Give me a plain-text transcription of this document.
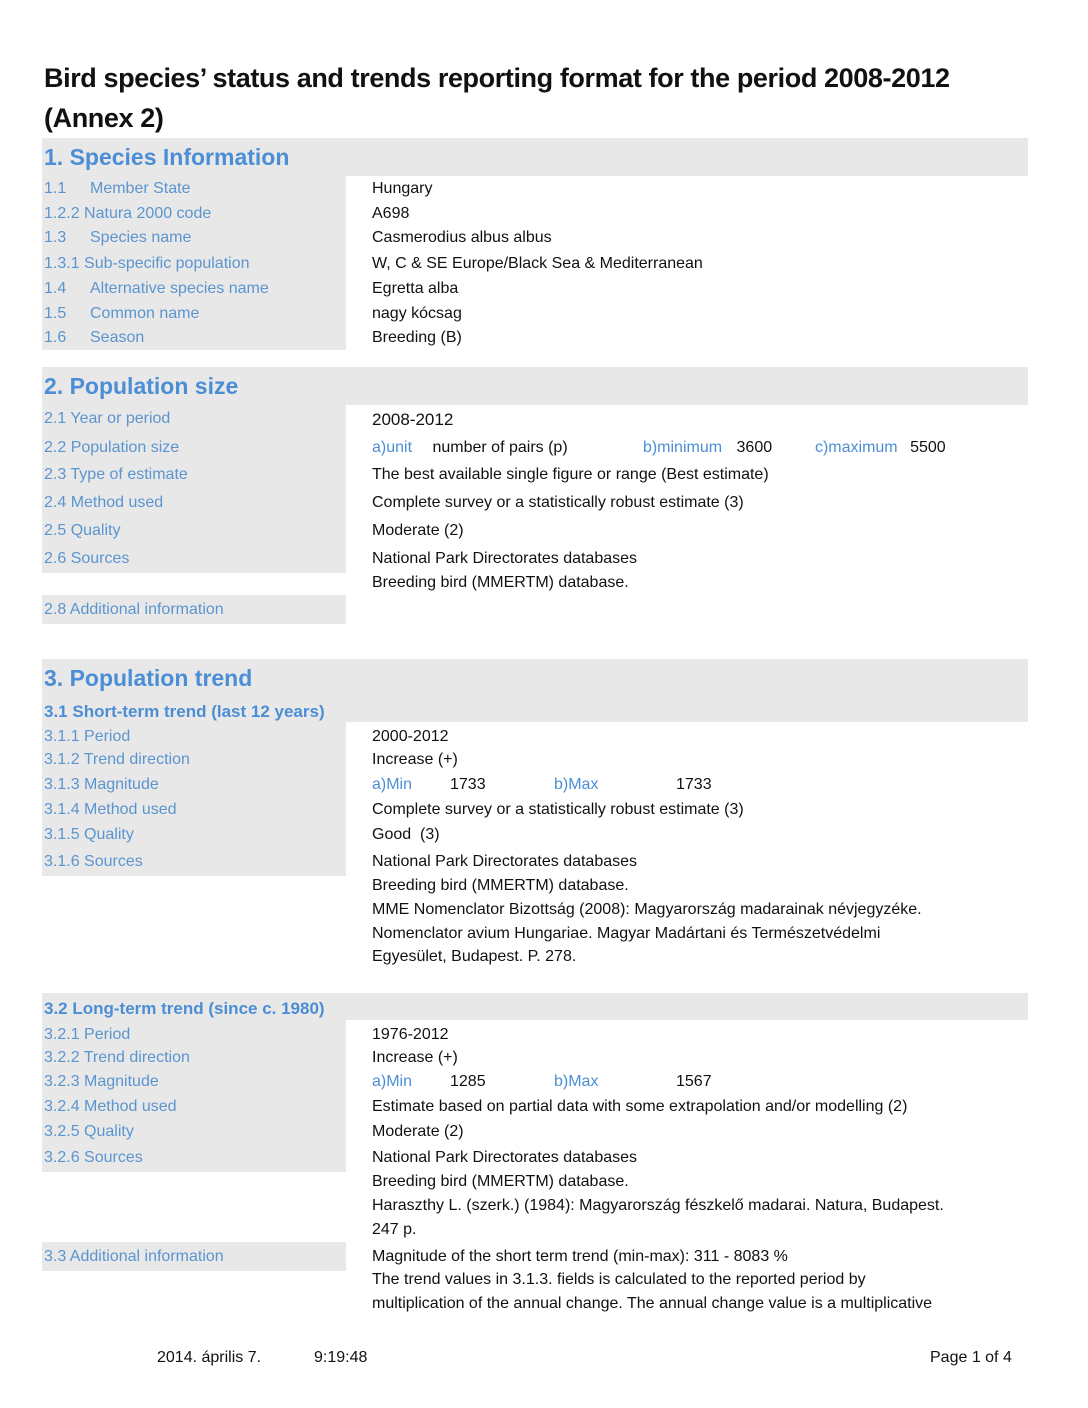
Bird species’ status and trends reporting format for the period 2008-2012
(Annex 2)
1. Species Information
1.1 Member State	Hungary
1.2.2 Natura 2000 code	A698
1.3 Species name	Casmerodius albus albus
1.3.1 Sub-specific population	W, C & SE Europe/Black Sea & Mediterranean
1.4 Alternative species name	Egretta alba
1.5 Common name	nagy kócsag
1.6 Season	Breeding (B)
2. Population size
2.1 Year or period	2008-2012
2.2 Population size	a)unit number of pairs (p)	b)minimum 3600	c)maximum 5500
2.3 Type of estimate	The best available single figure or range (Best estimate)
2.4 Method used	Complete survey or a statistically robust estimate (3)
2.5 Quality	Moderate (2)
2.6 Sources	National Park Directorates databases
Breeding bird (MMERTM) database.
2.8 Additional information
3. Population trend
3.1 Short-term trend (last 12 years)
3.1.1 Period	2000-2012
3.1.2 Trend direction	Increase (+)
3.1.3 Magnitude	a)Min 1733	b)Max	1733
3.1.4 Method used	Complete survey or a statistically robust estimate (3)
3.1.5 Quality	Good  (3)
3.1.6 Sources	National Park Directorates databases
Breeding bird (MMERTM) database.
MME Nomenclator Bizottság (2008): Magyarország madarainak névjegyzéke.
Nomenclator avium Hungariae. Magyar Madártani és Természetvédelmi
Egyesület, Budapest. P. 278.
3.2 Long-term trend (since c. 1980)
3.2.1 Period	1976-2012
3.2.2 Trend direction	Increase (+)
3.2.3 Magnitude	a)Min 1285	b)Max	1567
3.2.4 Method used	Estimate based on partial data with some extrapolation and/or modelling (2)
3.2.5 Quality	Moderate (2)
3.2.6 Sources	National Park Directorates databases
Breeding bird (MMERTM) database.
Haraszthy L. (szerk.) (1984): Magyarország fészkelő madarai. Natura, Budapest.
247 p.
3.3 Additional information	Magnitude of the short term trend (min-max): 311 - 8083 %
The trend values in 3.1.3. fields is calculated to the reported period by
multiplication of the annual change. The annual change value is a multiplicative
2014. április 7.	9:19:48	Page 1 of 4
